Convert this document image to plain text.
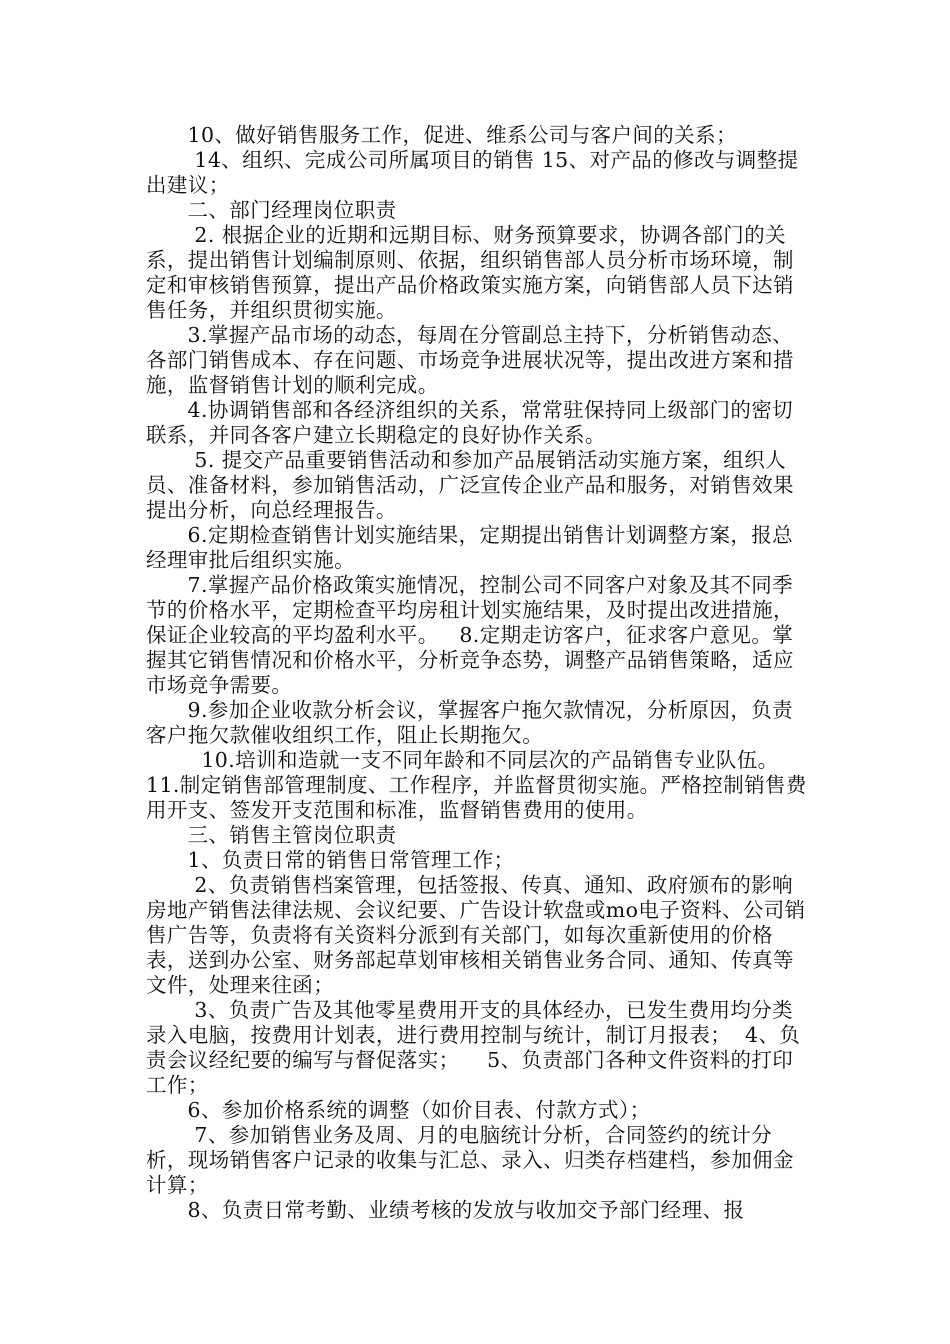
10、做好销售服务工作，促进、维系公司与客户间的关系；

14、组织、完成公司所属项目的销售 15、对产品的修改与调整提出建议；

二、部门经理岗位职责

2. 根据企业的近期和远期目标、财务预算要求，协调各部门的关系，提出销售计划编制原则、依据，组织销售部人员分析市场环境，制定和审核销售预算，提出产品价格政策实施方案，向销售部人员下达销售任务，并组织贯彻实施。

3.掌握产品市场的动态，每周在分管副总主持下，分析销售动态、各部门销售成本、存在问题、市场竞争进展状况等，提出改进方案和措施，监督销售计划的顺利完成。

4.协调销售部和各经济组织的关系，常常驻保持同上级部门的密切联系，并同各客户建立长期稳定的良好协作关系。

5. 提交产品重要销售活动和参加产品展销活动实施方案，组织人员、准备材料，参加销售活动，广泛宣传企业产品和服务，对销售效果提出分析，向总经理报告。

6.定期检查销售计划实施结果，定期提出销售计划调整方案，报总经理审批后组织实施。

7.掌握产品价格政策实施情况，控制公司不同客户对象及其不同季节的价格水平，定期检查平均房租计划实施结果，及时提出改进措施，保证企业较高的平均盈利水平。   8.定期走访客户，征求客户意见。掌握其它销售情况和价格水平，分析竞争态势，调整产品销售策略，适应市场竞争需要。

9.参加企业收款分析会议，掌握客户拖欠款情况，分析原因，负责客户拖欠款催收组织工作，阻止长期拖欠。

10.培训和造就一支不同年龄和不同层次的产品销售专业队伍。 11.制定销售部管理制度、工作程序，并监督贯彻实施。严格控制销售费用开支、签发开支范围和标准，监督销售费用的使用。

三、销售主管岗位职责

1、负责日常的销售日常管理工作；

2、负责销售档案管理，包括签报、传真、通知、政府颁布的影响房地产销售法律法规、会议纪要、广告设计软盘或mo电子资料、公司销售广告等，负责将有关资料分派到有关部门，如每次重新使用的价格表，送到办公室、财务部起草划审核相关销售业务合同、通知、传真等文件，处理来往函；

3、负责广告及其他零星费用开支的具体经办，已发生费用均分类录入电脑，按费用计划表，进行费用控制与统计，制订月报表；  4、负责会议经纪要的编写与督促落实；    5、负责部门各种文件资料的打印工作；

6、参加价格系统的调整（如价目表、付款方式）；

7、参加销售业务及周、月的电脑统计分析，合同签约的统计分析，现场销售客户记录的收集与汇总、录入、归类存档建档，参加佣金计算；

8、负责日常考勤、业绩考核的发放与收加交予部门经理、报
